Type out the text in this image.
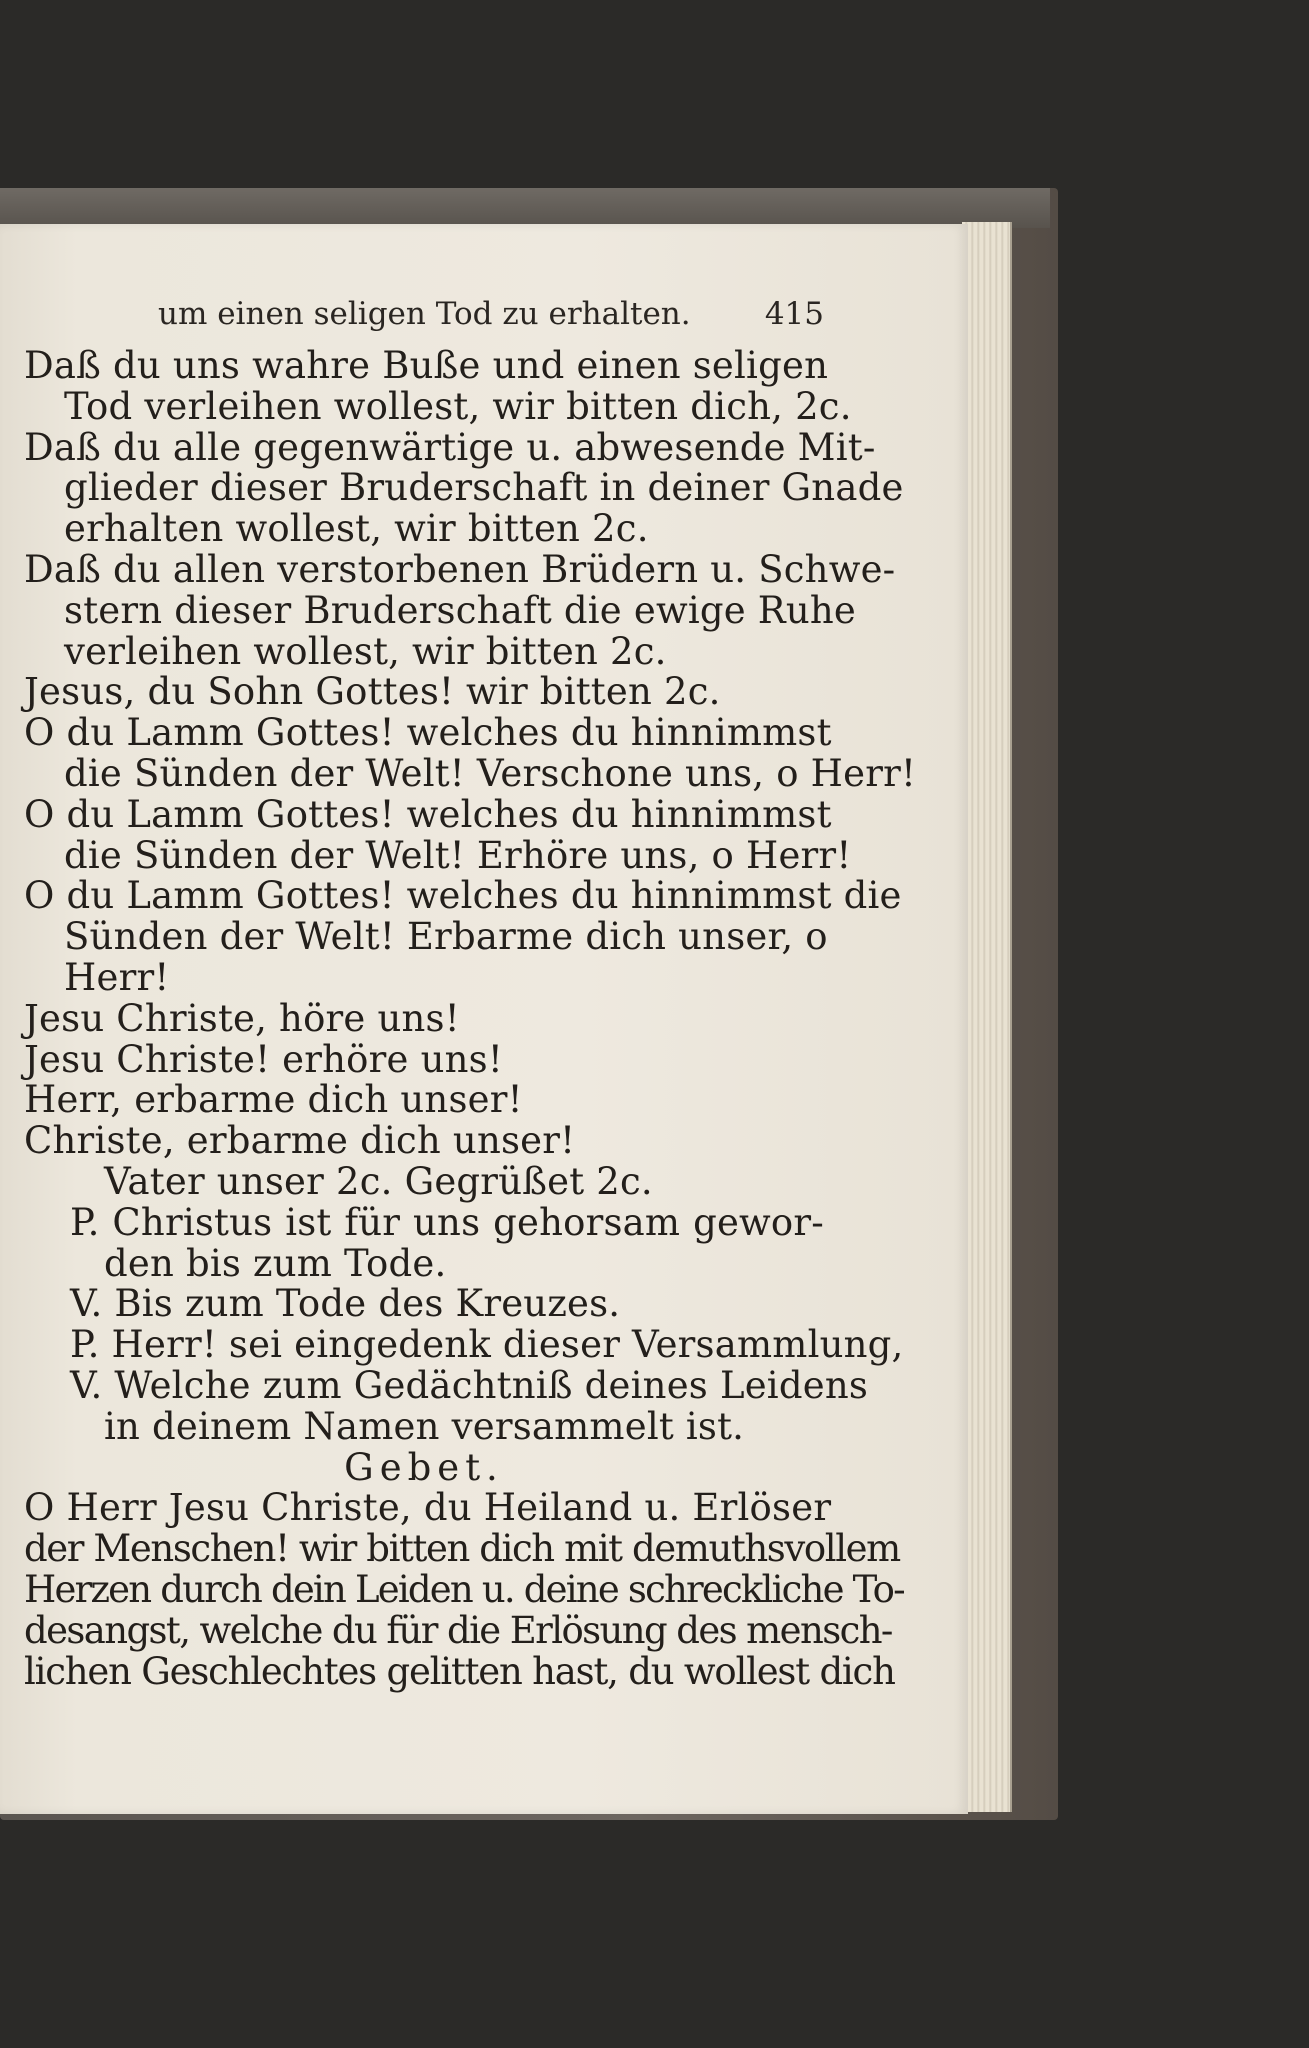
um einen seligen Tod zu erhalten. 415
Daß du uns wahre Buße und einen seligen
Tod verleihen wollest, wir bitten dich, 2c.
Daß du alle gegenwärtige u. abwesende Mit-
glieder dieser Bruderschaft in deiner Gnade
erhalten wollest, wir bitten 2c.
Daß du allen verstorbenen Brüdern u. Schwe-
stern dieser Bruderschaft die ewige Ruhe
verleihen wollest, wir bitten 2c.
Jesus, du Sohn Gottes! wir bitten 2c.
O du Lamm Gottes! welches du hinnimmst
die Sünden der Welt! Verschone uns, o Herr!
O du Lamm Gottes! welches du hinnimmst
die Sünden der Welt! Erhöre uns, o Herr!
O du Lamm Gottes! welches du hinnimmst die
Sünden der Welt! Erbarme dich unser, o
Herr!
Jesu Christe, höre uns!
Jesu Christe! erhöre uns!
Herr, erbarme dich unser!
Christe, erbarme dich unser!
Vater unser 2c. Gegrüßet 2c.
P. Christus ist für uns gehorsam gewor-
den bis zum Tode.
V. Bis zum Tode des Kreuzes.
P. Herr! sei eingedenk dieser Versammlung,
V. Welche zum Gedächtniß deines Leidens
in deinem Namen versammelt ist.
Gebet.
O Herr Jesu Christe, du Heiland u. Erlöser
der Menschen! wir bitten dich mit demuthsvollem
Herzen durch dein Leiden u. deine schreckliche To-
desangst, welche du für die Erlösung des mensch-
lichen Geschlechtes gelitten hast, du wollest dich
